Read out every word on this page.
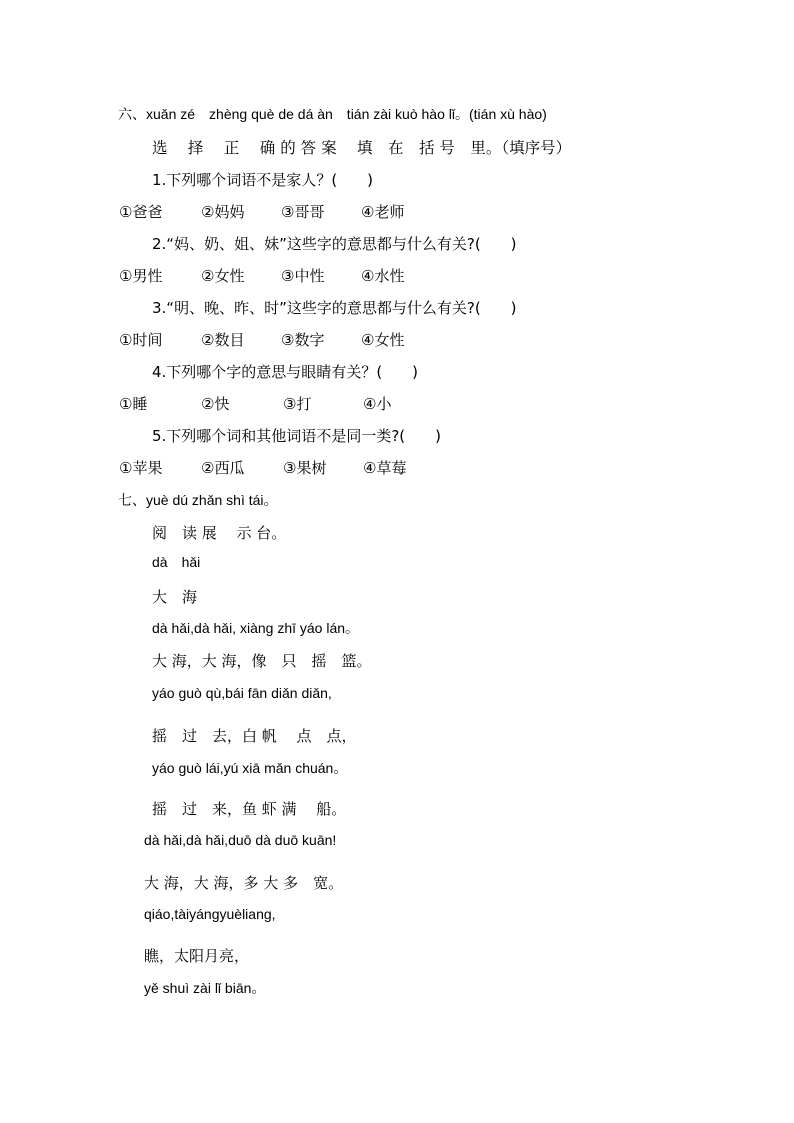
六、xuǎn zé　zhèng què de dá àn　tián zài kuò hào lǐ。(tián xù hào)
选　 择　 正　 确 的 答 案　 填　在　括 号　里。（填序号）
1.下列哪个词语不是家人？(　　)
①爸爸	②妈妈 ③哥哥 ④老师
2.“妈、奶、姐、妹”这些字的意思都与什么有关?(　　)
①男性	②女性 ③中性 ④水性
3.“明、晚、昨、时”这些字的意思都与什么有关?(　　)
①时间	②数目 ③数字 ④女性
4.下列哪个字的意思与眼睛有关？(　　)
①睡	②快	③打	④小
5.下列哪个词和其他词语不是同一类?(　　)
①苹果	②西瓜	③果树 ④草莓
七、yuè dú zhǎn shì tái。
阅　读 展　 示 台。
dà　hǎi
大　海
dà hǎi,dà hǎi, xiàng zhī yáo lán。
大 海，大 海，像　只　摇　篮。
yáo guò qù,bái fān diǎn diǎn,
摇　过　去，白 帆　 点　点，
yáo guò lái,yú xiā mǎn chuán。
摇　过　来，鱼 虾 满　 船。
dà hǎi,dà hǎi,duō dà duō kuān!
大 海，大 海，多 大 多　宽。
qiáo,tàiyángyuèliang,
瞧，太阳月亮，
yě shuì zài lǐ biān。
